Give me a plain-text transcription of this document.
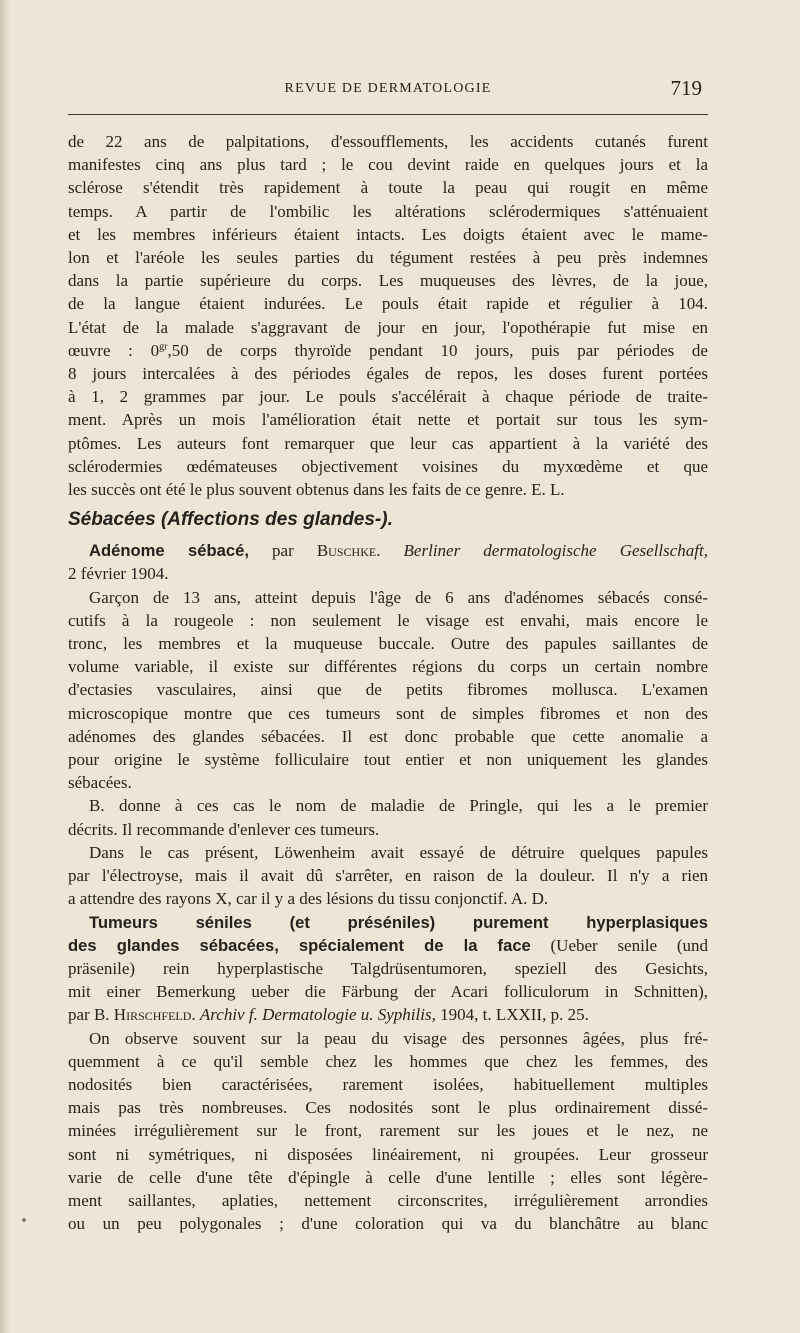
REVUE DE DERMATOLOGIE	719

de 22 ans de palpitations, d'essoufflements, les accidents cutanés furent

manifestes cinq ans plus tard ; le cou devint raide en quelques jours et la

sclérose s'étendit très rapidement à toute la peau qui rougit en même

temps. A partir de l'ombilic les altérations sclérodermiques s'atténuaient

et les membres inférieurs étaient intacts. Les doigts étaient avec le mame-

lon et l'aréole les seules parties du tégument restées à peu près indemnes

dans la partie supérieure du corps. Les muqueuses des lèvres, de la joue,

de la langue étaient indurées. Le pouls était rapide et régulier à 104.

L'état de la malade s'aggravant de jour en jour, l'opothérapie fut mise en

œuvre : $0^{gr},50$ de corps thyroïde pendant 10 jours, puis par périodes de

8 jours intercalées à des périodes égales de repos, les doses furent portées

à 1, 2 grammes par jour. Le pouls s'accélérait à chaque période de traite-

ment. Après un mois l'amélioration était nette et portait sur tous les sym-

ptômes. Les auteurs font remarquer que leur cas appartient à la variété des

sclérodermies œdémateuses objectivement voisines du myxœdème et que

les succès ont été le plus souvent obtenus dans les faits de ce genre. E. L.

Sébacées (Affections des glandes-).

Adénome sébacé, par Buschke. Berliner dermatologische Gesellschaft,

2 février 1904.

Garçon de 13 ans, atteint depuis l'âge de 6 ans d'adénomes sébacés consé-

cutifs à la rougeole : non seulement le visage est envahi, mais encore le

tronc, les membres et la muqueuse buccale. Outre des papules saillantes de

volume variable, il existe sur différentes régions du corps un certain nombre

d'ectasies vasculaires, ainsi que de petits fibromes mollusca. L'examen

microscopique montre que ces tumeurs sont de simples fibromes et non des

adénomes des glandes sébacées. Il est donc probable que cette anomalie a

pour origine le système folliculaire tout entier et non uniquement les glandes

sébacées.

B. donne à ces cas le nom de maladie de Pringle, qui les a le premier

décrits. Il recommande d'enlever ces tumeurs.

Dans le cas présent, Löwenheim avait essayé de détruire quelques papules

par l'électroyse, mais il avait dû s'arrêter, en raison de la douleur. Il n'y a rien

a attendre des rayons X, car il y a des lésions du tissu conjonctif. A. D.

Tumeurs séniles (et préséniles) purement hyperplasiques

des glandes sébacées, spécialement de la face (Ueber senile (und

präsenile) rein hyperplastische Talgdrüsentumoren, speziell des Gesichts,

mit einer Bemerkung ueber die Färbung der Acari folliculorum in Schnitten),

par B. Hirschfeld. Archiv f. Dermatologie u. Syphilis, 1904, t. LXXII, p. 25.

On observe souvent sur la peau du visage des personnes âgées, plus fré-

quemment à ce qu'il semble chez les hommes que chez les femmes, des

nodosités bien caractérisées, rarement isolées, habituellement multiples

mais pas très nombreuses. Ces nodosités sont le plus ordinairement dissé-

minées irrégulièrement sur le front, rarement sur les joues et le nez, ne

sont ni symétriques, ni disposées linéairement, ni groupées. Leur grosseur

varie de celle d'une tête d'épingle à celle d'une lentille ; elles sont légère-

ment saillantes, aplaties, nettement circonscrites, irrégulièrement arrondies

ou un peu polygonales ; d'une coloration qui va du blanchâtre au blanc
